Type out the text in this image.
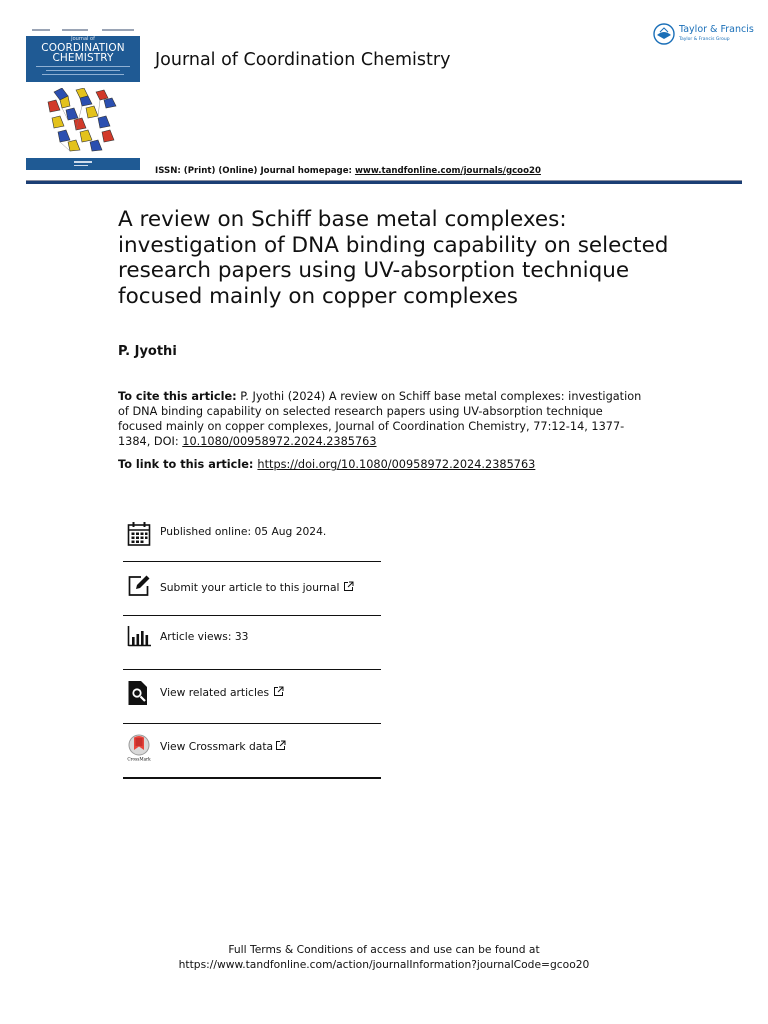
Journal of
COORDINATION
CHEMISTRY	Journal of Coordination Chemistry
Taylor & Francis
Taylor & Francis Group
ISSN: (Print) (Online) Journal homepage: www.tandfonline.com/journals/gcoo20
A review on Schiff base metal complexes: investigation of DNA binding capability on selected research papers using UV-absorption technique focused mainly on copper complexes
P. Jyothi
To cite this article: P. Jyothi (2024) A review on Schiff base metal complexes: investigation of DNA binding capability on selected research papers using UV-absorption technique focused mainly on copper complexes, Journal of Coordination Chemistry, 77:12-14, 1377-1384, DOI: 10.1080/00958972.2024.2385763
To link to this article: https://doi.org/10.1080/00958972.2024.2385763
Published online: 05 Aug 2024.
Submit your article to this journal
Article views: 33
View related articles
CrossMark
View Crossmark data
Full Terms & Conditions of access and use can be found at
https://www.tandfonline.com/action/journalInformation?journalCode=gcoo20
